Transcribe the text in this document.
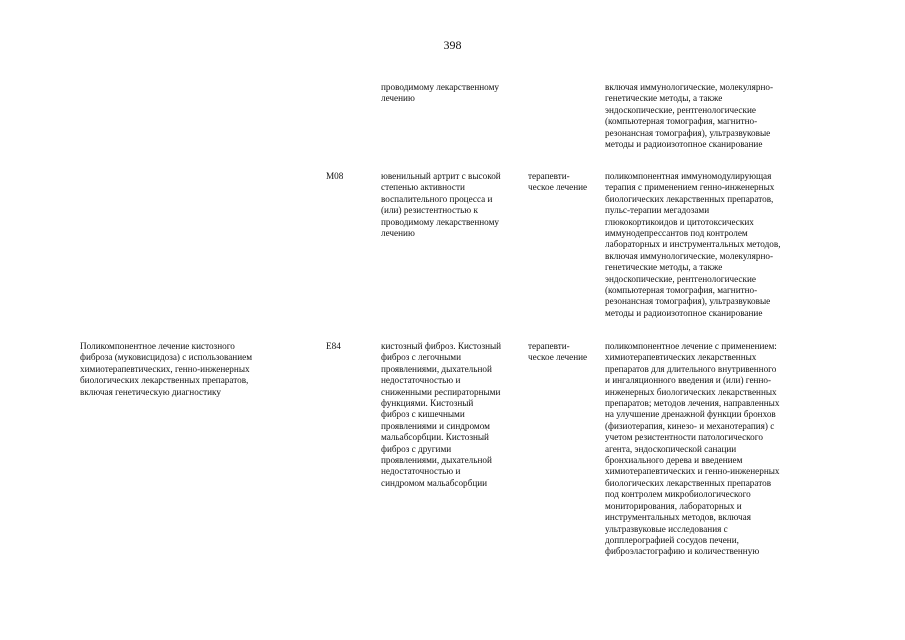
398

проводимому лекарственному
лечению

включая иммунологические, молекулярно-
генетические методы, а также
эндоскопические, рентгенологические
(компьютерная томография, магнитно-
резонансная томография), ультразвуковые
методы и радиоизотопное сканирование

M08	ювенильный артрит с высокой
степенью активности
воспалительного процесса и
(или) резистентностью к
проводимому лекарственному
лечению

терапевти-
ческое лечение

поликомпонентная иммуномодулирующая
терапия с применением генно-инженерных
биологических лекарственных препаратов,
пульс-терапии мегадозами
глюкокортикоидов и цитотоксических
иммунодепрессантов под контролем
лабораторных и инструментальных методов,
включая иммунологические, молекулярно-
генетические методы, а также
эндоскопические, рентгенологические
(компьютерная томография, магнитно-
резонансная томография), ультразвуковые
методы и радиоизотопное сканирование

Поликомпонентное лечение кистозного
фиброза (муковисцидоза) с использованием
химиотерапевтических, генно-инженерных
биологических лекарственных препаратов,
включая генетическую диагностику

E84	кистозный фиброз. Кистозный
фиброз с легочными
проявлениями, дыхательной
недостаточностью и
сниженными респираторными
функциями. Кистозный
фиброз с кишечными
проявлениями и синдромом
мальабсорбции. Кистозный
фиброз с другими
проявлениями, дыхательной
недостаточностью и
синдромом мальабсорбции

терапевти-
ческое лечение

поликомпонентное лечение с применением:
химиотерапевтических лекарственных
препаратов для длительного внутривенного
и ингаляционного введения и (или) генно-
инженерных биологических лекарственных
препаратов; методов лечения, направленных
на улучшение дренажной функции бронхов
(физиотерапия, кинезо- и механотерапия) с
учетом резистентности патологического
агента, эндоскопической санации
бронхиального дерева и введением
химиотерапевтических и генно-инженерных
биологических лекарственных препаратов
под контролем микробиологического
мониторирования, лабораторных и
инструментальных методов, включая
ультразвуковые исследования с
допплерографией сосудов печени,
фиброэластографию и количественную
